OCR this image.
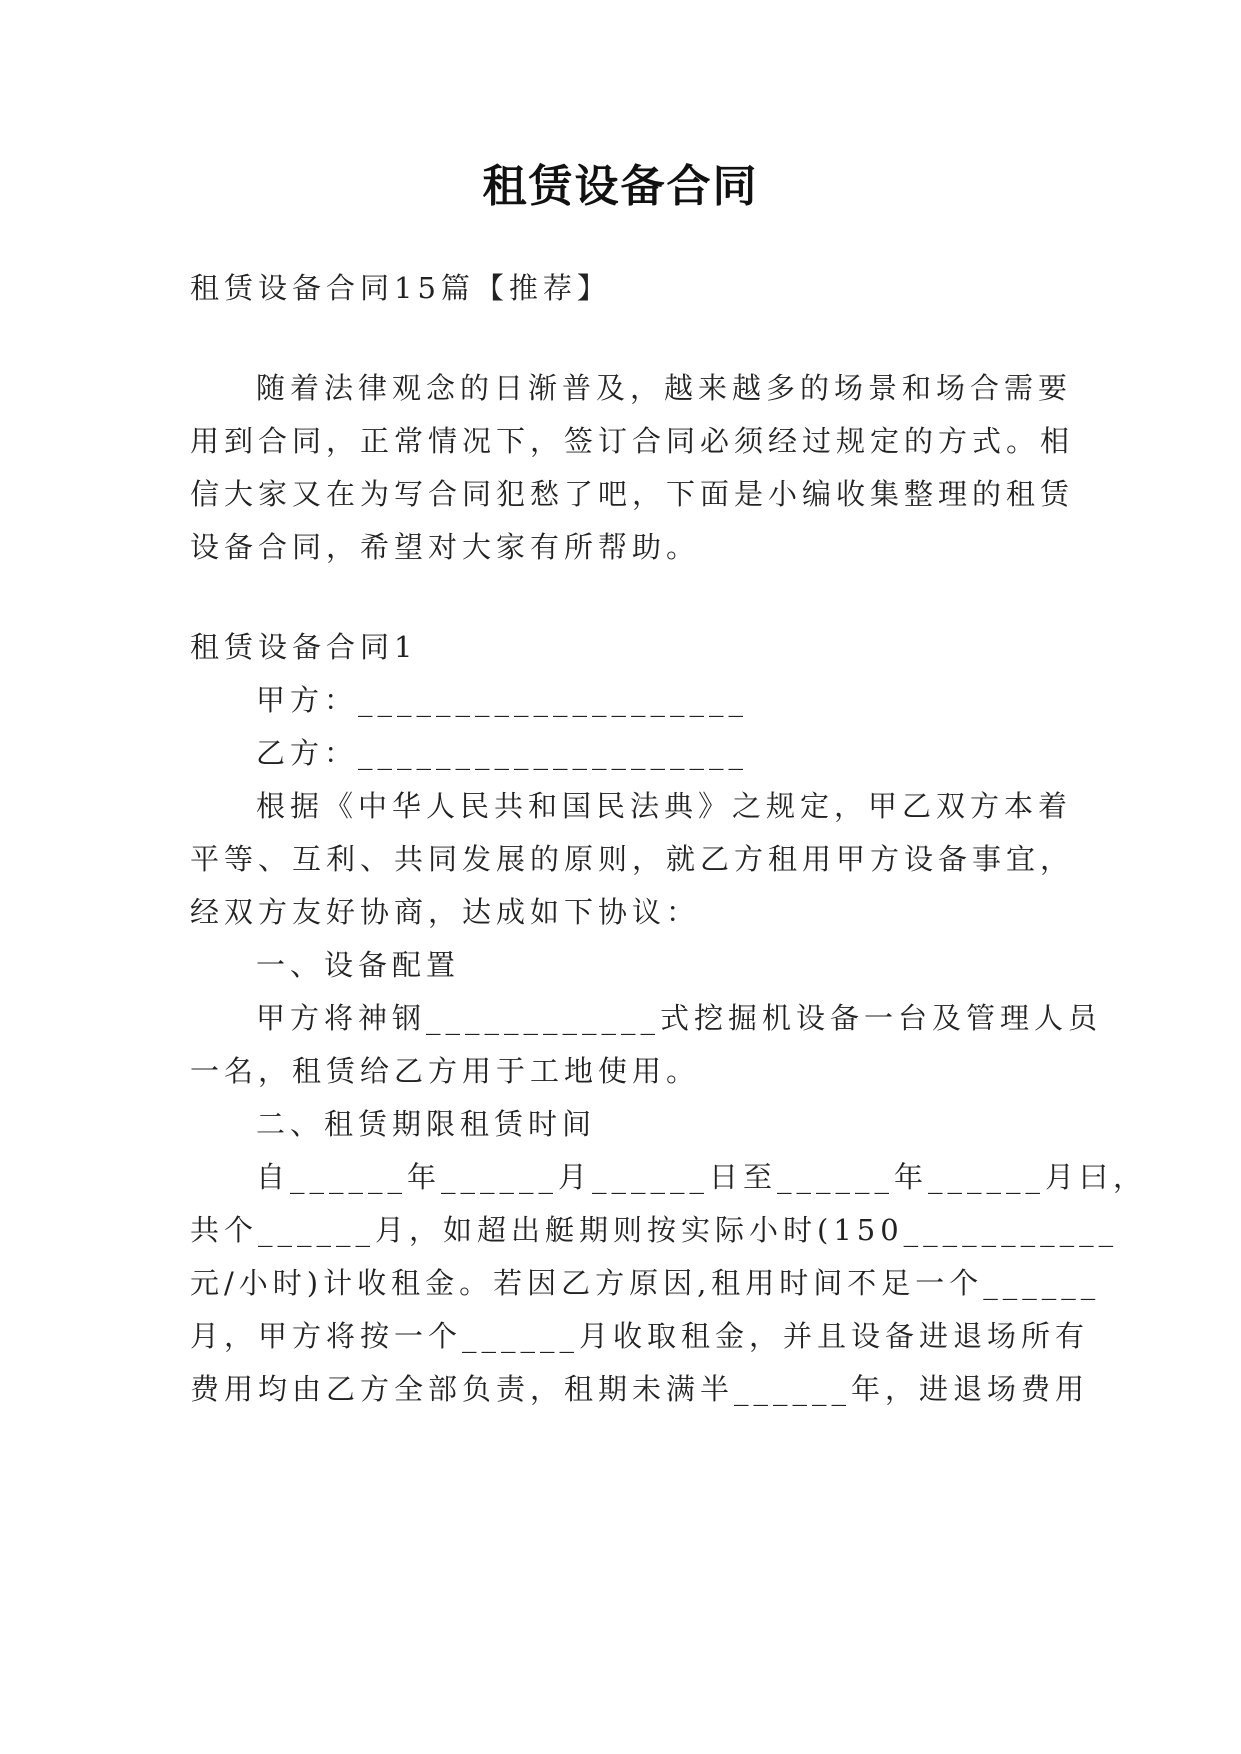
租赁设备合同
租赁设备合同15篇【推荐】
随着法律观念的日渐普及，越来越多的场景和场合需要
用到合同，正常情况下，签订合同必须经过规定的方式。相
信大家又在为写合同犯愁了吧，下面是小编收集整理的租赁
设备合同，希望对大家有所帮助。
租赁设备合同1
甲方：____________________
乙方：____________________
根据《中华人民共和国民法典》之规定，甲乙双方本着
平等、互利、共同发展的原则，就乙方租用甲方设备事宜，
经双方友好协商，达成如下协议：
一、设备配置
甲方将神钢____________式挖掘机设备一台及管理人员
一名，租赁给乙方用于工地使用。
二、租赁期限租赁时间
自______年______月______日至______年______月曰，
共个______月，如超出艇期则按实际小时(150___________
元/小时)计收租金。若因乙方原因,租用时间不足一个______
月，甲方将按一个______月收取租金，并且设备进退场所有
费用均由乙方全部负责，租期未满半______年，进退场费用
